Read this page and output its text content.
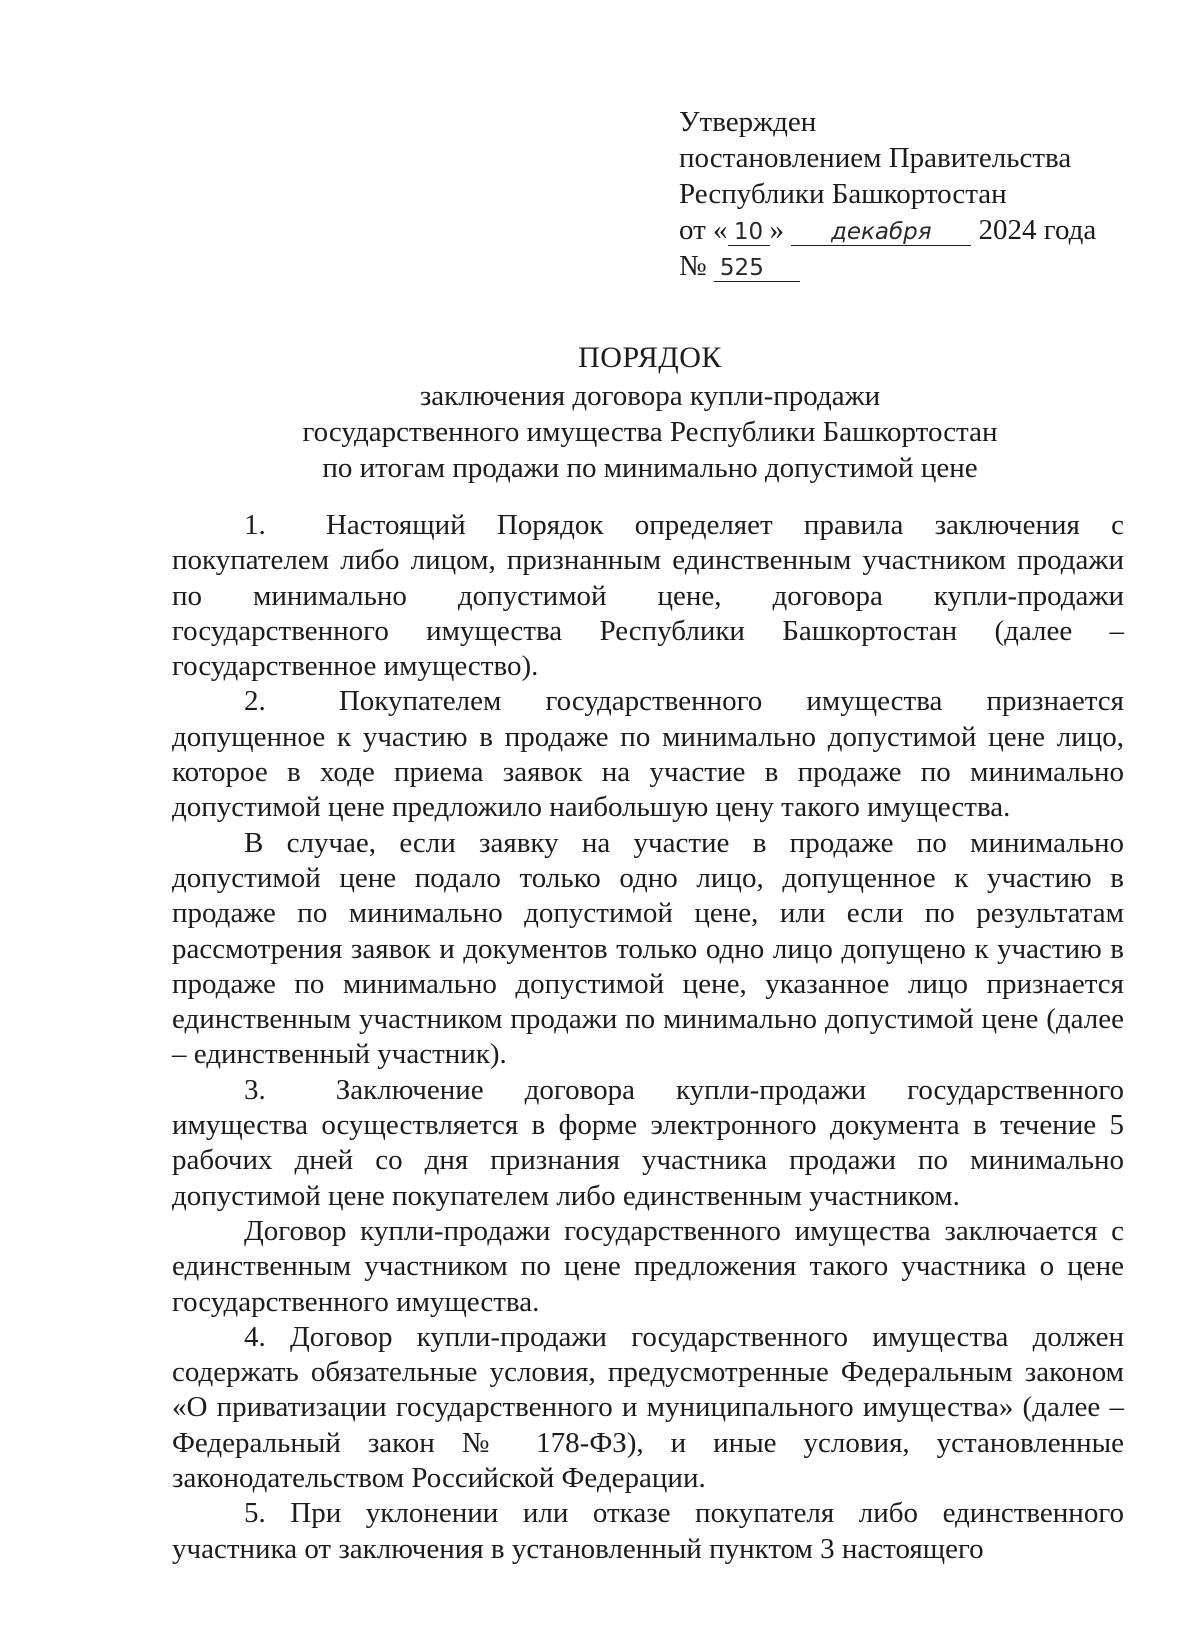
Утвержден
постановлением Правительства
Республики Башкортостан
от « 10 » декабря 2024 года
№ 525
ПОРЯДОК
заключения договора купли-продажи
государственного имущества Республики Башкортостан
по итогам продажи по минимально допустимой цене

1.  Настоящий Порядок определяет правила заключения с покупателем либо лицом, признанным единственным участником продажи по минимально допустимой цене, договора купли-продажи государственного имущества Республики Башкортостан (далее – государственное имущество).

2.  Покупателем государственного имущества признается допущенное к участию в продаже по минимально допустимой цене лицо, которое в ходе приема заявок на участие в продаже по минимально допустимой цене предложило наибольшую цену такого имущества.

В случае, если заявку на участие в продаже по минимально допустимой цене подало только одно лицо, допущенное к участию в продаже по минимально допустимой цене, или если по результатам рассмотрения заявок и документов только одно лицо допущено к участию в продаже по минимально допустимой цене, указанное лицо признается единственным участником продажи по минимально допустимой цене (далее – единственный участник).

3.  Заключение договора купли-продажи государственного имущества осуществляется в форме электронного документа в течение 5 рабочих дней со дня признания участника продажи по минимально допустимой цене покупателем либо единственным участником.

Договор купли-продажи государственного имущества заключается с единственным участником по цене предложения такого участника о цене государственного имущества.

4. Договор купли-продажи государственного имущества должен содержать обязательные условия, предусмотренные Федеральным законом «О приватизации государственного и муниципального имущества» (далее – Федеральный закон № 178-ФЗ), и иные условия, установленные законодательством Российской Федерации.

5. При уклонении или отказе покупателя либо единственного участника от заключения в установленный пунктом 3 настоящего
